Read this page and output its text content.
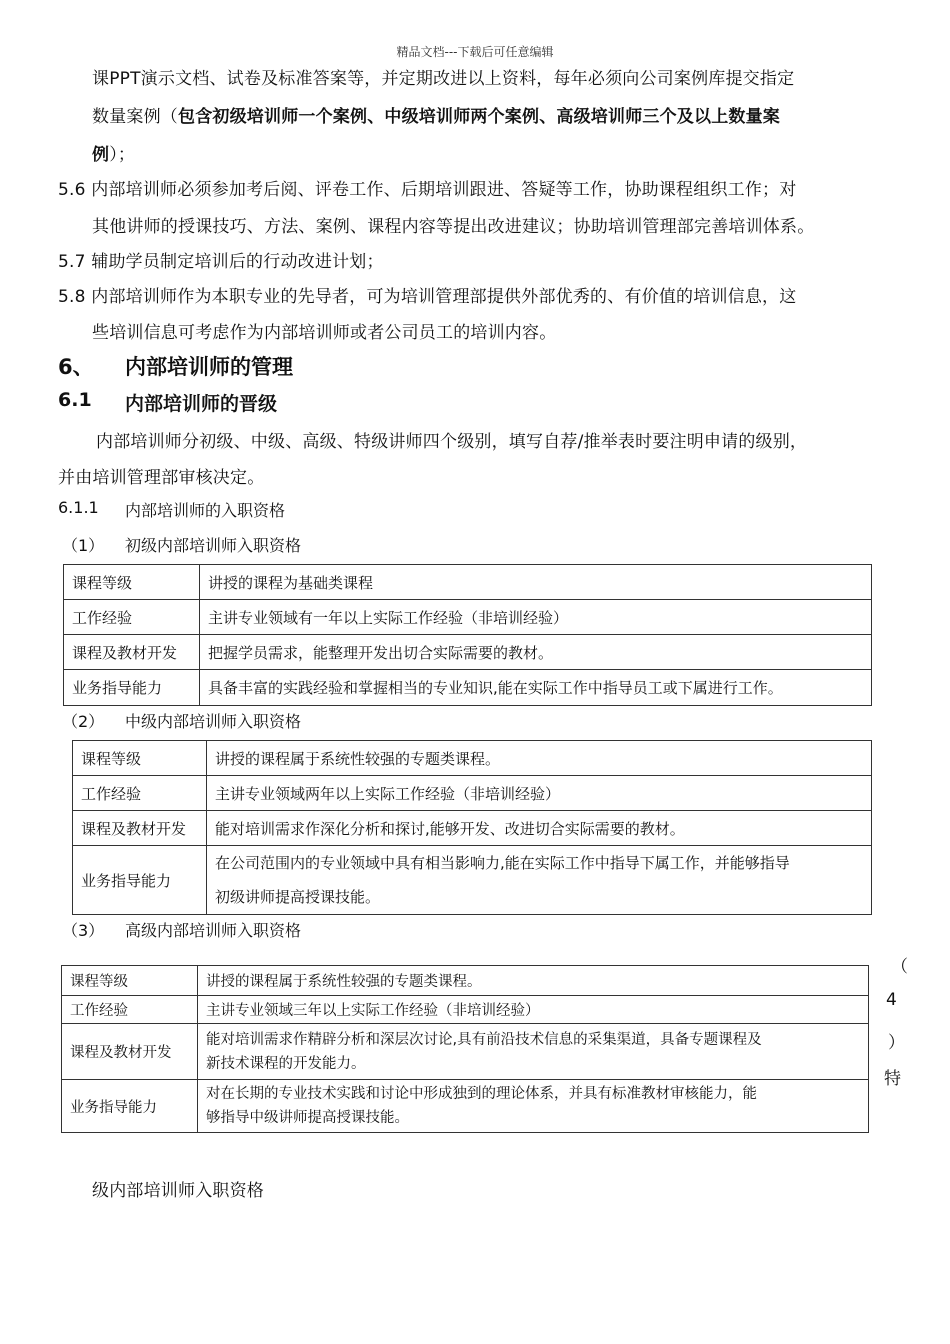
精品文档---下载后可任意编辑
课PPT演示文档、试卷及标准答案等，并定期改进以上资料，每年必须向公司案例库提交指定
数量案例（包含初级培训师一个案例、中级培训师两个案例、高级培训师三个及以上数量案
例）；
5.6 内部培训师必须参加考后阅、评卷工作、后期培训跟进、答疑等工作，协助课程组织工作；对
其他讲师的授课技巧、方法、案例、课程内容等提出改进建议；协助培训管理部完善培训体系。
5.7 辅助学员制定培训后的行动改进计划；
5.8 内部培训师作为本职专业的先导者，可为培训管理部提供外部优秀的、有价值的培训信息，这
些培训信息可考虑作为内部培训师或者公司员工的培训内容。
6、 内部培训师的管理
6.1 内部培训师的晋级
内部培训师分初级、中级、高级、特级讲师四个级别，填写自荐/推举表时要注明申请的级别，
并由培训管理部审核决定。
6.1.1 内部培训师的入职资格
（1） 初级内部培训师入职资格
课程等级	讲授的课程为基础类课程
工作经验	主讲专业领域有一年以上实际工作经验（非培训经验）
课程及教材开发	把握学员需求，能整理开发出切合实际需要的教材。
业务指导能力	具备丰富的实践经验和掌握相当的专业知识,能在实际工作中指导员工或下属进行工作。
（2） 中级内部培训师入职资格
课程等级	讲授的课程属于系统性较强的专题类课程。
工作经验	主讲专业领域两年以上实际工作经验（非培训经验）
课程及教材开发	能对培训需求作深化分析和探讨,能够开发、改进切合实际需要的教材。
业务指导能力	在公司范围内的专业领域中具有相当影响力,能在实际工作中指导下属工作，并能够指导
初级讲师提高授课技能。
（3） 高级内部培训师入职资格
课程等级	讲授的课程属于系统性较强的专题类课程。
工作经验	主讲专业领域三年以上实际工作经验（非培训经验）
课程及教材开发	能对培训需求作精辟分析和深层次讨论,具有前沿技术信息的采集渠道，具备专题课程及
新技术课程的开发能力。

业务指导能力	对在长期的专业技术实践和讨论中形成独到的理论体系，并具有标准教材审核能力，能
够指导中级讲师提高授课技能。
（
4
）
特
级内部培训师入职资格
